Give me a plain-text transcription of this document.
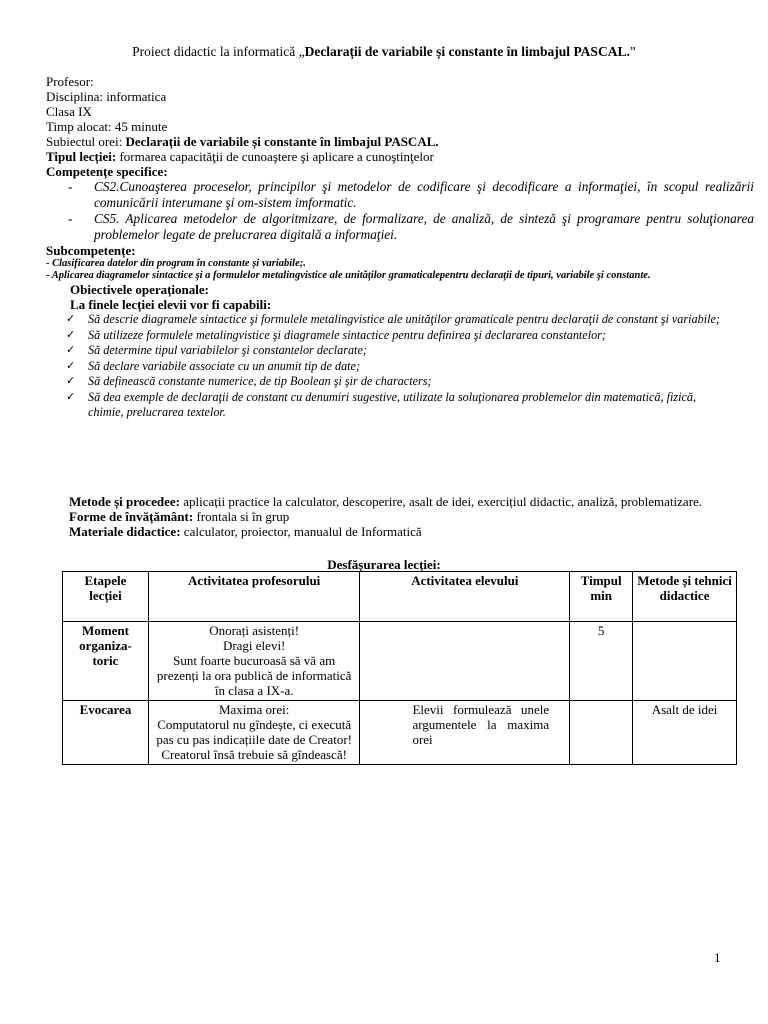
Proiect didactic la informatică „Declarații de variabile și constante în limbajul PASCAL.”
Profesor:
Disciplina: informatica
Clasa IX
Timp alocat: 45 minute
Subiectul orei: Declarații de variabile și constante în limbajul PASCAL.
Tipul lecției: formarea capacităţii de cunoaştere şi aplicare a cunoştinţelor
Competențe specifice:
- CS2.Cunoaşterea proceselor, principilor şi metodelor de codificare şi decodificare a informaţiei, în scopul realizării comunicării interumane şi om-sistem imformatic.
- CS5. Aplicarea metodelor de algoritmizare, de formalizare, de analiză, de sinteză şi programare pentru soluţionarea problemelor legate de prelucrarea digitală a informaţiei.
Subcompetențe:
- Clasificarea datelor din program în constante și variabile;.
- Aplicarea diagramelor sintactice şi a formulelor metalingvistice ale unităţilor gramaticalepentru declaraţii de tipuri, variabile şi constante.
Obiectivele operaționale:
La finele lecției elevii vor fi capabili:
✓ Să descrie diagramele sintactice şi formulele metalingvistice ale unităţilor gramaticale pentru declaraţii de constant şi variabile;
✓ Să utilizeze formulele metalingvistice şi diagramele sintactice pentru definirea şi declararea constantelor;
✓ Să determine tipul variabilelor şi constantelor declarate;
✓ Să declare variabile associate cu un anumit tip de date;
✓ Să definească constante numerice, de tip Boolean şi şir de characters;
✓ Să dea exemple de declaraţii de constant cu denumiri sugestive, utilizate la soluţionarea problemelor din matematică, fizică, chimie, prelucrarea textelor.
Metode și procedee: aplicații practice la calculator, descoperire, asalt de idei, exercițiul didactic, analiză, problematizare.
Forme de învățământ: frontala si în grup
Materiale didactice: calculator, proiector, manualul de Informatică
Desfășurarea lecției:
Etapele lecției	Activitatea profesorului	Activitatea elevului	Timpul min	Metode și tehnici didactice
Moment organiza-toric	Onorați asistenți!
Dragi elevi!
Sunt foarte bucuroasă să vă am prezenți la ora publică de informatică în clasa a IX-a.		5	
Evocarea	Maxima orei:
Computatorul nu gîndește, ci execută pas cu pas indicațiile date de Creator!
Creatorul însă trebuie să gîndească!	Elevii formulează unele argumentele la maxima orei		Asalt de idei
1
